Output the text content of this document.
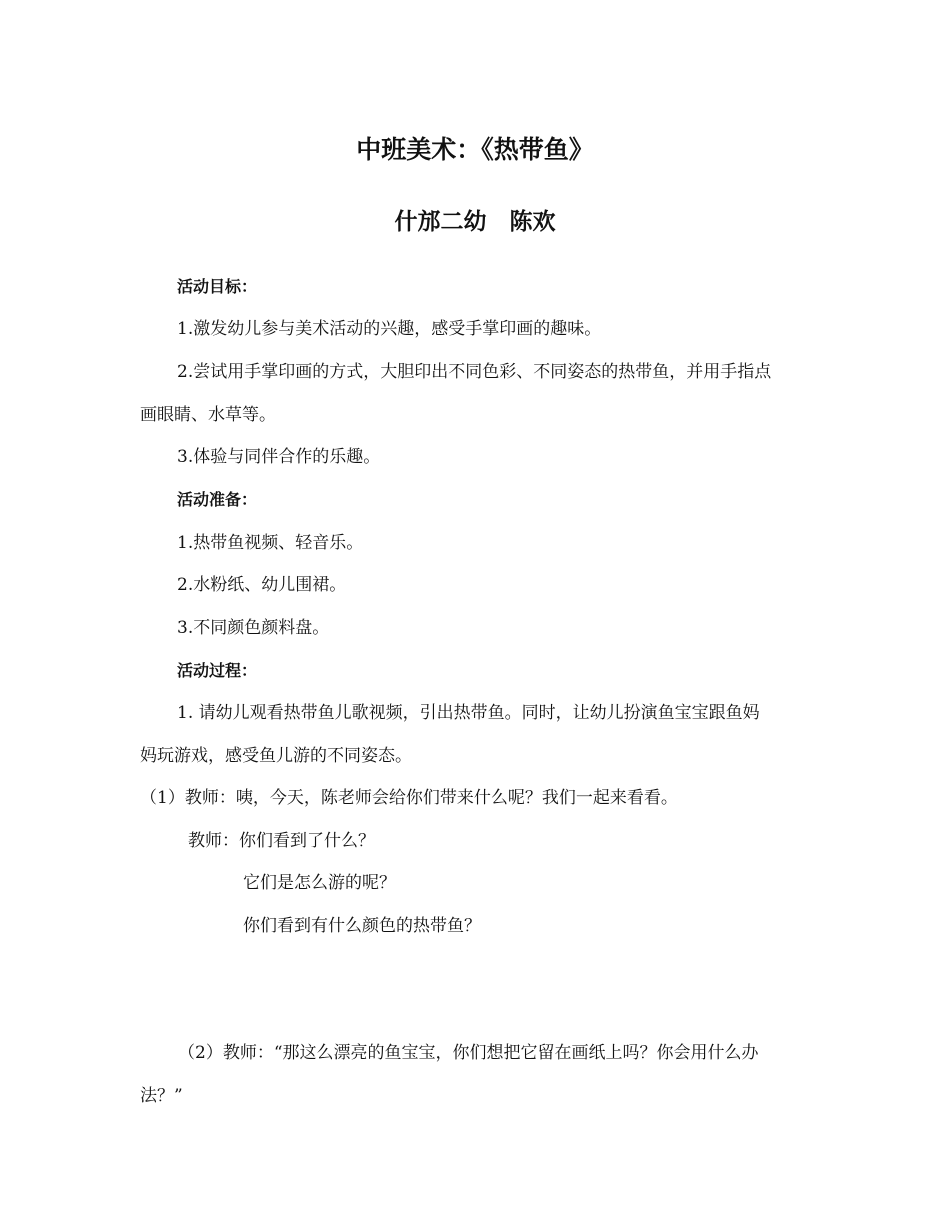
中班美术：《热带鱼》
什邡二幼　陈欢

活动目标：

1.激发幼儿参与美术活动的兴趣，感受手掌印画的趣味。

2.尝试用手掌印画的方式，大胆印出不同色彩、不同姿态的热带鱼，并用手指点

画眼睛、水草等。

3.体验与同伴合作的乐趣。

活动准备：

1.热带鱼视频、轻音乐。

2.水粉纸、幼儿围裙。

3.不同颜色颜料盘。

活动过程：

1. 请幼儿观看热带鱼儿歌视频，引出热带鱼。同时，让幼儿扮演鱼宝宝跟鱼妈

妈玩游戏，感受鱼儿游的不同姿态。

（1）教师：咦，今天，陈老师会给你们带来什么呢？我们一起来看看。

教师：你们看到了什么？

它们是怎么游的呢？

你们看到有什么颜色的热带鱼？

（2）教师：“那这么漂亮的鱼宝宝，你们想把它留在画纸上吗？你会用什么办

法？”
